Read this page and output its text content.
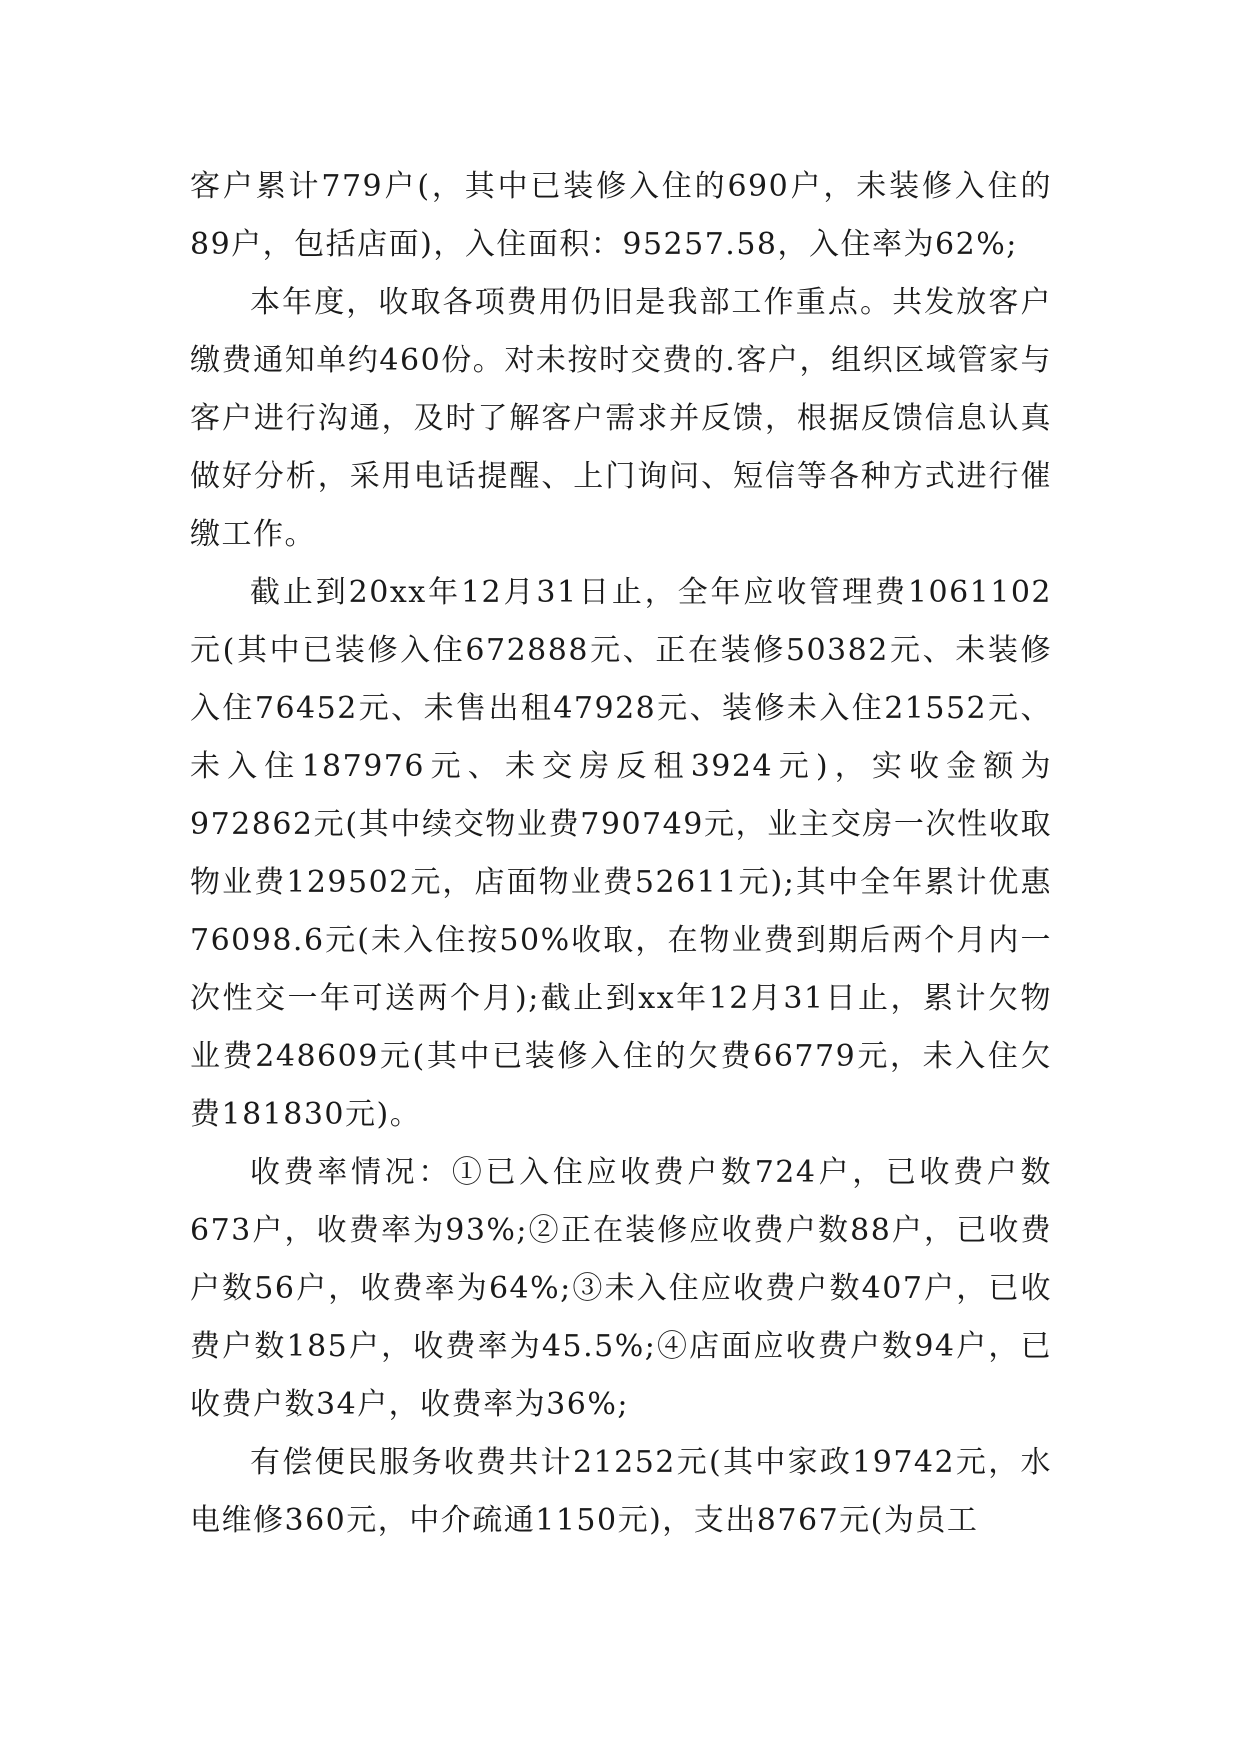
客户累计779户(，其中已装修入住的690户，未装修入住的89户，包括店面)，入住面积：95257.58，入住率为62%;

本年度，收取各项费用仍旧是我部工作重点。共发放客户缴费通知单约460份。对未按时交费的.客户，组织区域管家与客户进行沟通，及时了解客户需求并反馈，根据反馈信息认真做好分析，采用电话提醒、上门询问、短信等各种方式进行催缴工作。

截止到20xx年12月31日止，全年应收管理费1061102元(其中已装修入住672888元、正在装修50382元、未装修入住76452元、未售出租47928元、装修未入住21552元、未入住187976元、未交房反租3924元)，实收金额为972862元(其中续交物业费790749元，业主交房一次性收取物业费129502元，店面物业费52611元);其中全年累计优惠76098.6元(未入住按50%收取，在物业费到期后两个月内一次性交一年可送两个月);截止到xx年12月31日止，累计欠物业费248609元(其中已装修入住的欠费66779元，未入住欠费181830元)。

收费率情况：①已入住应收费户数724户，已收费户数673户，收费率为93%;②正在装修应收费户数88户，已收费户数56户，收费率为64%;③未入住应收费户数407户，已收费户数185户，收费率为45.5%;④店面应收费户数94户，已收费户数34户，收费率为36%;

有偿便民服务收费共计21252元(其中家政19742元，水电维修360元，中介疏通1150元)，支出8767元(为员工
